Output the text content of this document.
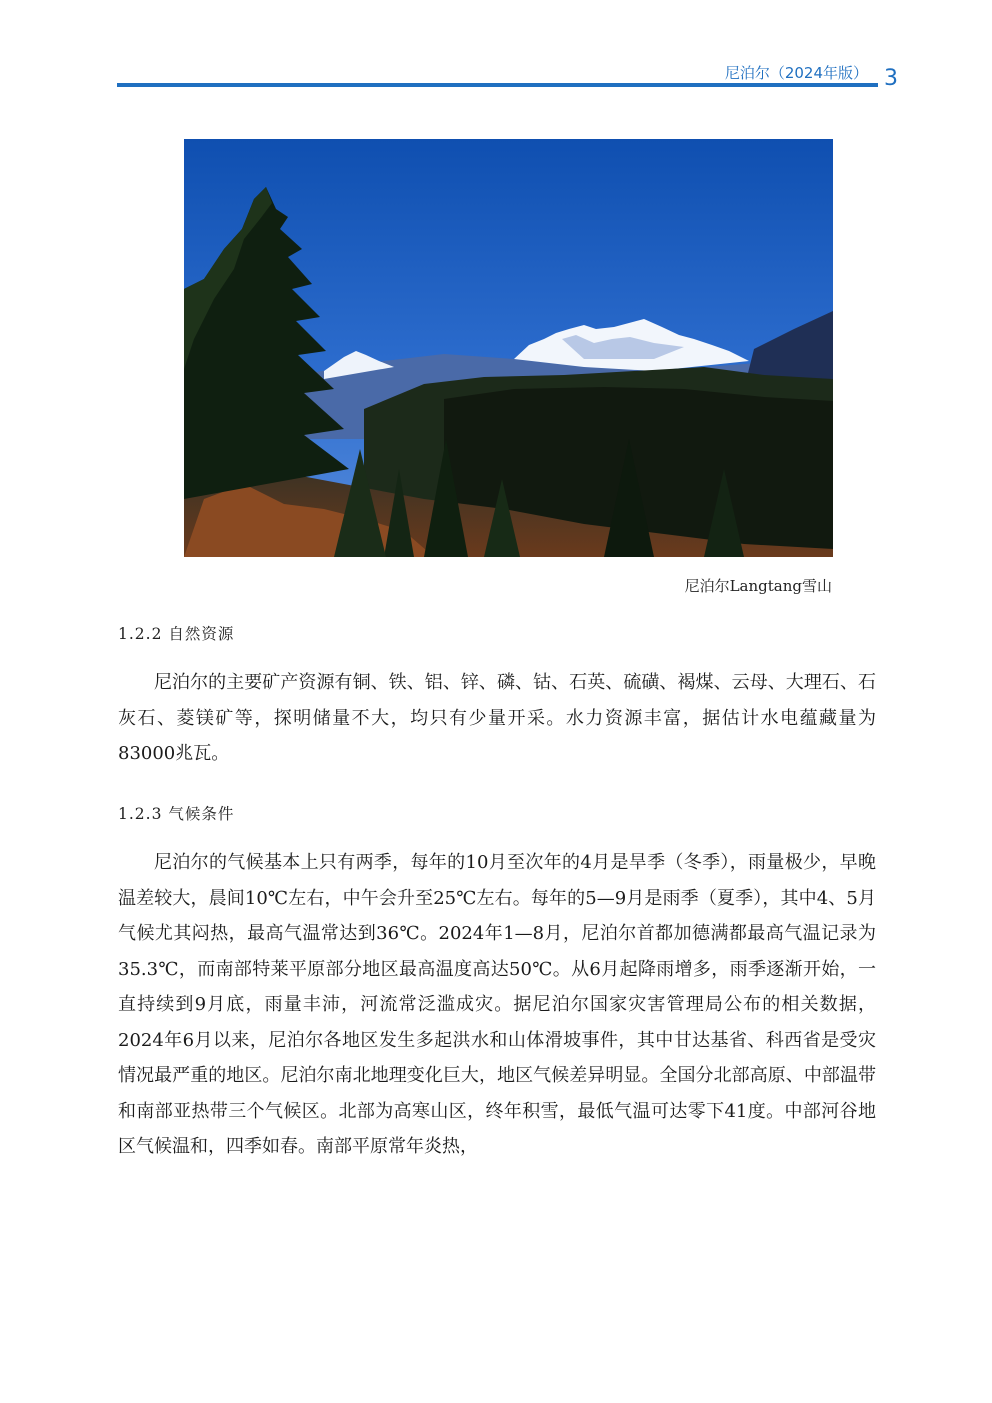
尼泊尔（2024年版） 3
尼泊尔Langtang雪山
1.2.2 自然资源

尼泊尔的主要矿产资源有铜、铁、铝、锌、磷、钴、石英、硫磺、褐煤、云母、大理石、石灰石、菱镁矿等，探明储量不大，均只有少量开采。水力资源丰富，据估计水电蕴藏量为83000兆瓦。

1.2.3 气候条件

尼泊尔的气候基本上只有两季，每年的10月至次年的4月是旱季（冬季），雨量极少，早晚温差较大，晨间10℃左右，中午会升至25℃左右。每年的5—9月是雨季（夏季），其中4、5月气候尤其闷热，最高气温常达到36℃。2024年1—8月，尼泊尔首都加德满都最高气温记录为35.3℃，而南部特莱平原部分地区最高温度高达50℃。从6月起降雨增多，雨季逐渐开始，一直持续到9月底，雨量丰沛，河流常泛滥成灾。据尼泊尔国家灾害管理局公布的相关数据，2024年6月以来，尼泊尔各地区发生多起洪水和山体滑坡事件，其中甘达基省、科西省是受灾情况最严重的地区。尼泊尔南北地理变化巨大，地区气候差异明显。全国分北部高原、中部温带和南部亚热带三个气候区。北部为高寒山区，终年积雪，最低气温可达零下41度。中部河谷地区气候温和，四季如春。南部平原常年炎热，
